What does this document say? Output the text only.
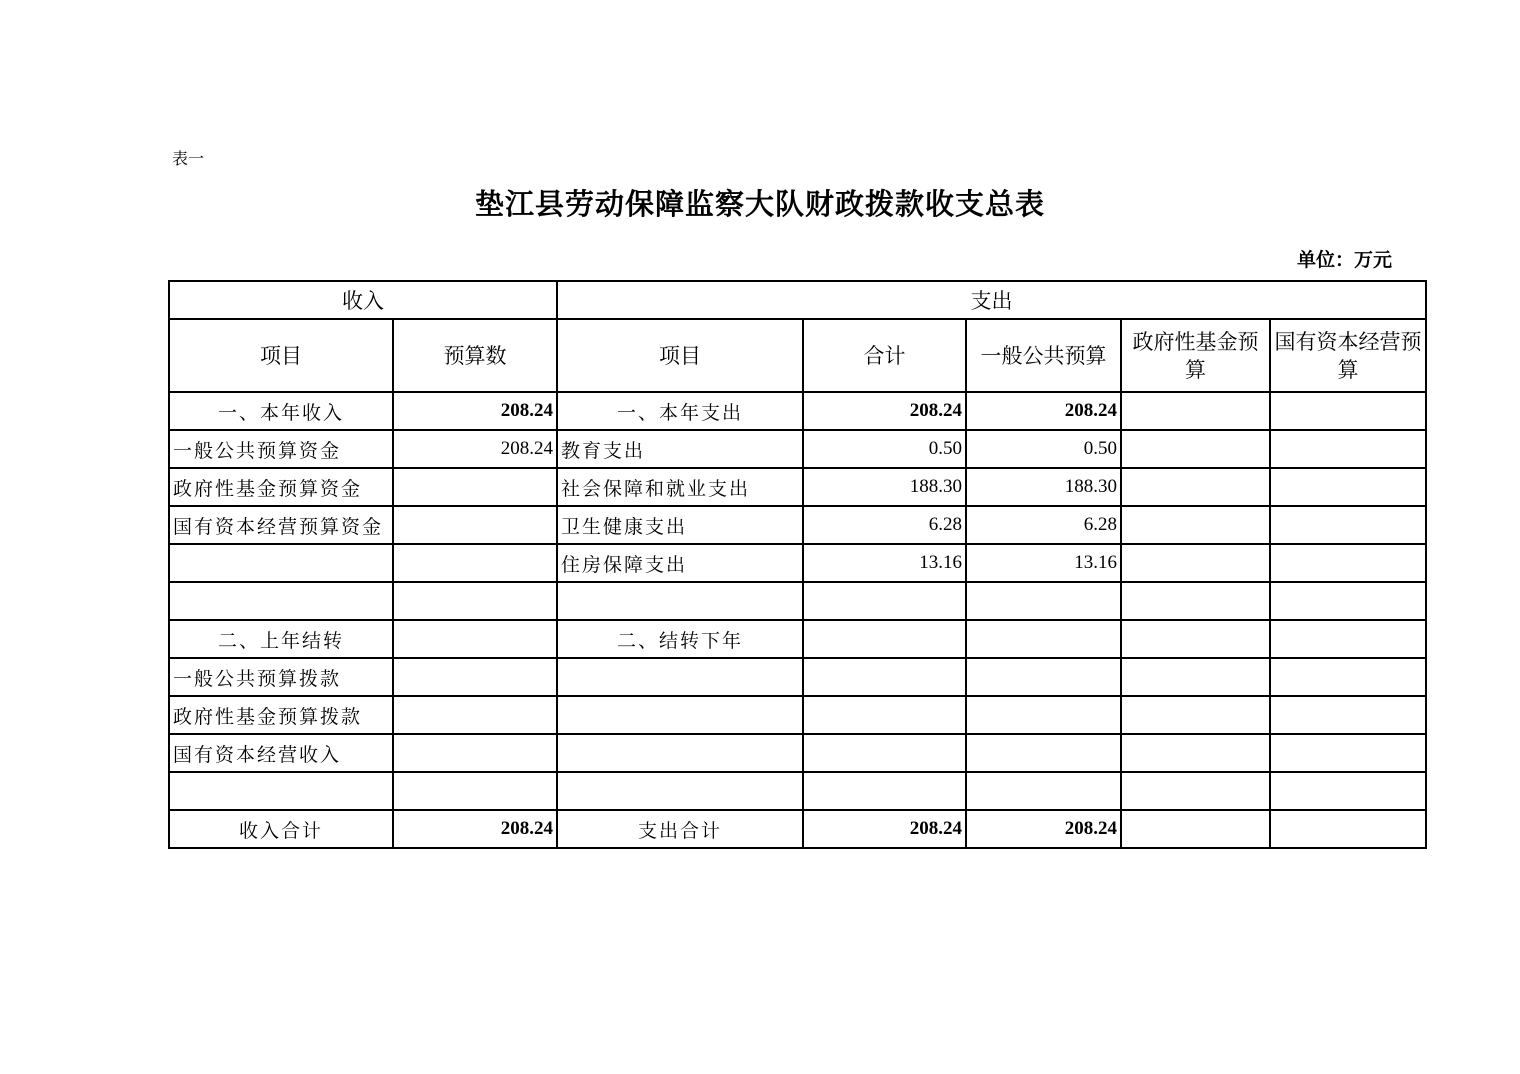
表一
垫江县劳动保障监察大队财政拨款收支总表
单位：万元
收入		支出				
项目	预算数	项目	合计	一般公共预算	政府性基金预算	国有资本经营预算
一、本年收入	208.24	一、本年支出	208.24	208.24		
一般公共预算资金	208.24	教育支出	0.50	0.50		
政府性基金预算资金		社会保障和就业支出	188.30	188.30		
国有资本经营预算资金		卫生健康支出	6.28	6.28		
		住房保障支出	13.16	13.16		

二、上年结转		二、结转下年				
一般公共预算拨款						
政府性基金预算拨款						
国有资本经营收入						

收入合计	208.24	支出合计	208.24	208.24		
